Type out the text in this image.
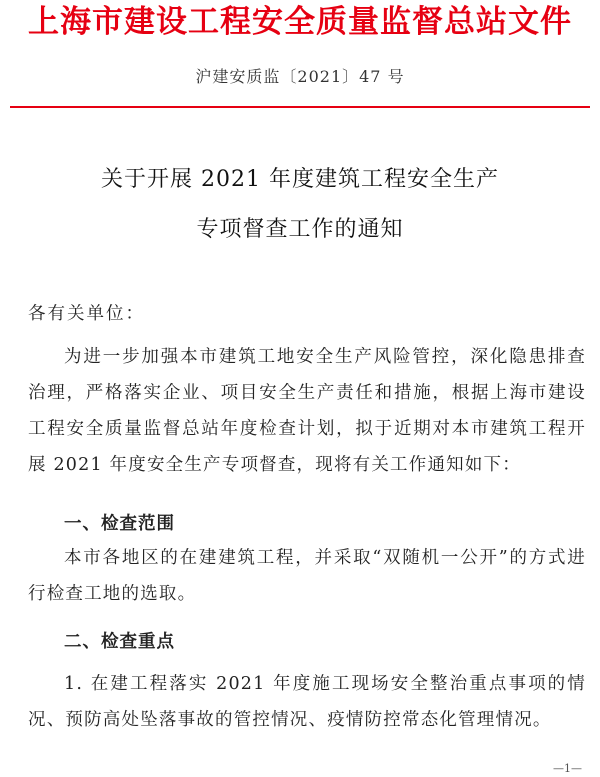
上海市建设工程安全质量监督总站文件
沪建安质监〔2021〕47 号
关于开展 2021 年度建筑工程安全生产
专项督查工作的通知
各有关单位：
为进一步加强本市建筑工地安全生产风险管控，深化隐患排查治理，严格落实企业、项目安全生产责任和措施，根据上海市建设工程安全质量监督总站年度检查计划，拟于近期对本市建筑工程开展 2021 年度安全生产专项督查，现将有关工作通知如下：
一、检查范围
本市各地区的在建建筑工程，并采取“双随机一公开”的方式进行检查工地的选取。
二、检查重点
1. 在建工程落实 2021 年度施工现场安全整治重点事项的情况、预防高处坠落事故的管控情况、疫情防控常态化管理情况。
—1—
